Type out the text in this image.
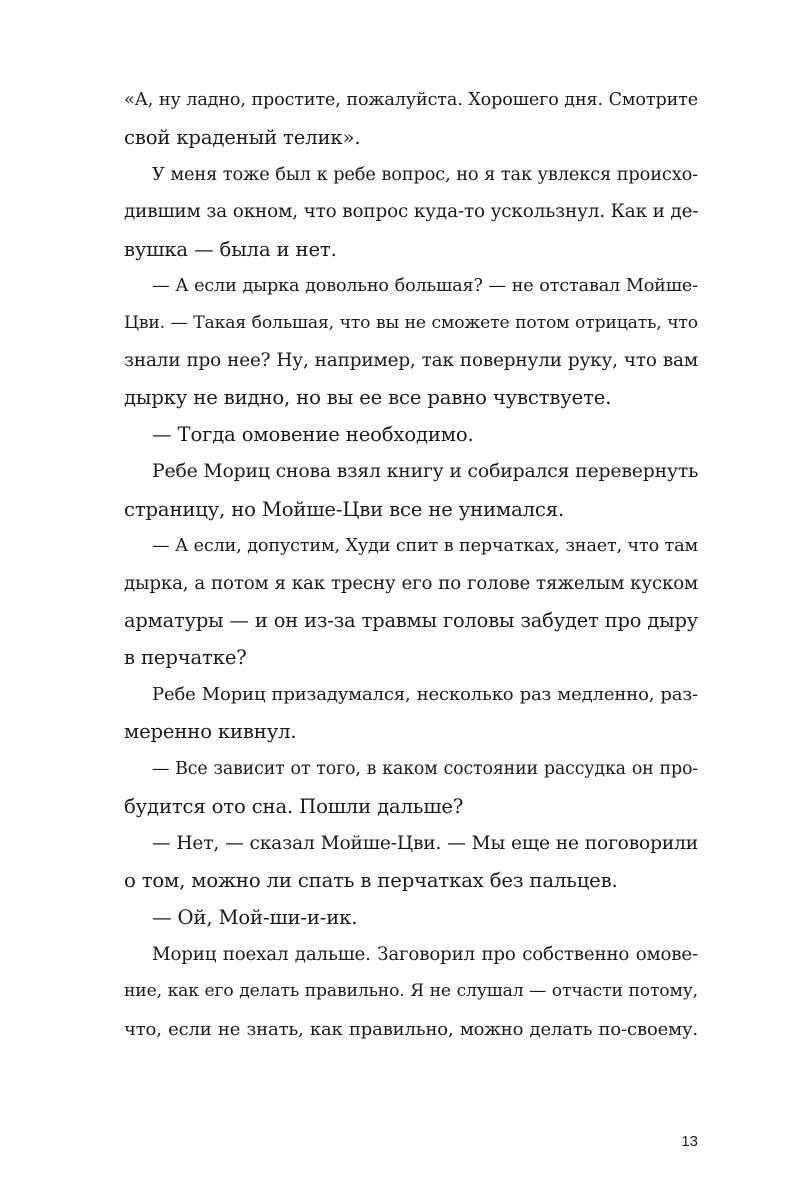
«А, ну ладно, простите, пожалуйста. Хорошего дня. Смотрите
свой краденый телик».
У меня тоже был к ребе вопрос, но я так увлекся происхо-
дившим за окном, что вопрос куда-то ускользнул. Как и де-
вушка — была и нет.
— А если дырка довольно большая? — не отставал Мойше-
Цви. — Такая большая, что вы не сможете потом отрицать, что
знали про нее? Ну, например, так повернули руку, что вам
дырку не видно, но вы ее все равно чувствуете.
— Тогда омовение необходимо.
Ребе Мориц снова взял книгу и собирался перевернуть
страницу, но Мойше-Цви все не унимался.
— А если, допустим, Худи спит в перчатках, знает, что там
дырка, а потом я как тресну его по голове тяжелым куском
арматуры — и он из-за травмы головы забудет про дыру
в перчатке?
Ребе Мориц призадумался, несколько раз медленно, раз-
меренно кивнул.
— Все зависит от того, в каком состоянии рассудка он про-
будится ото сна. Пошли дальше?
— Нет, — сказал Мойше-Цви. — Мы еще не поговорили
о том, можно ли спать в перчатках без пальцев.
— Ой, Мой-ши-и-ик.
Мориц поехал дальше. Заговорил про собственно омове-
ние, как его делать правильно. Я не слушал — отчасти потому,
что, если не знать, как правильно, можно делать по-своему.
13
